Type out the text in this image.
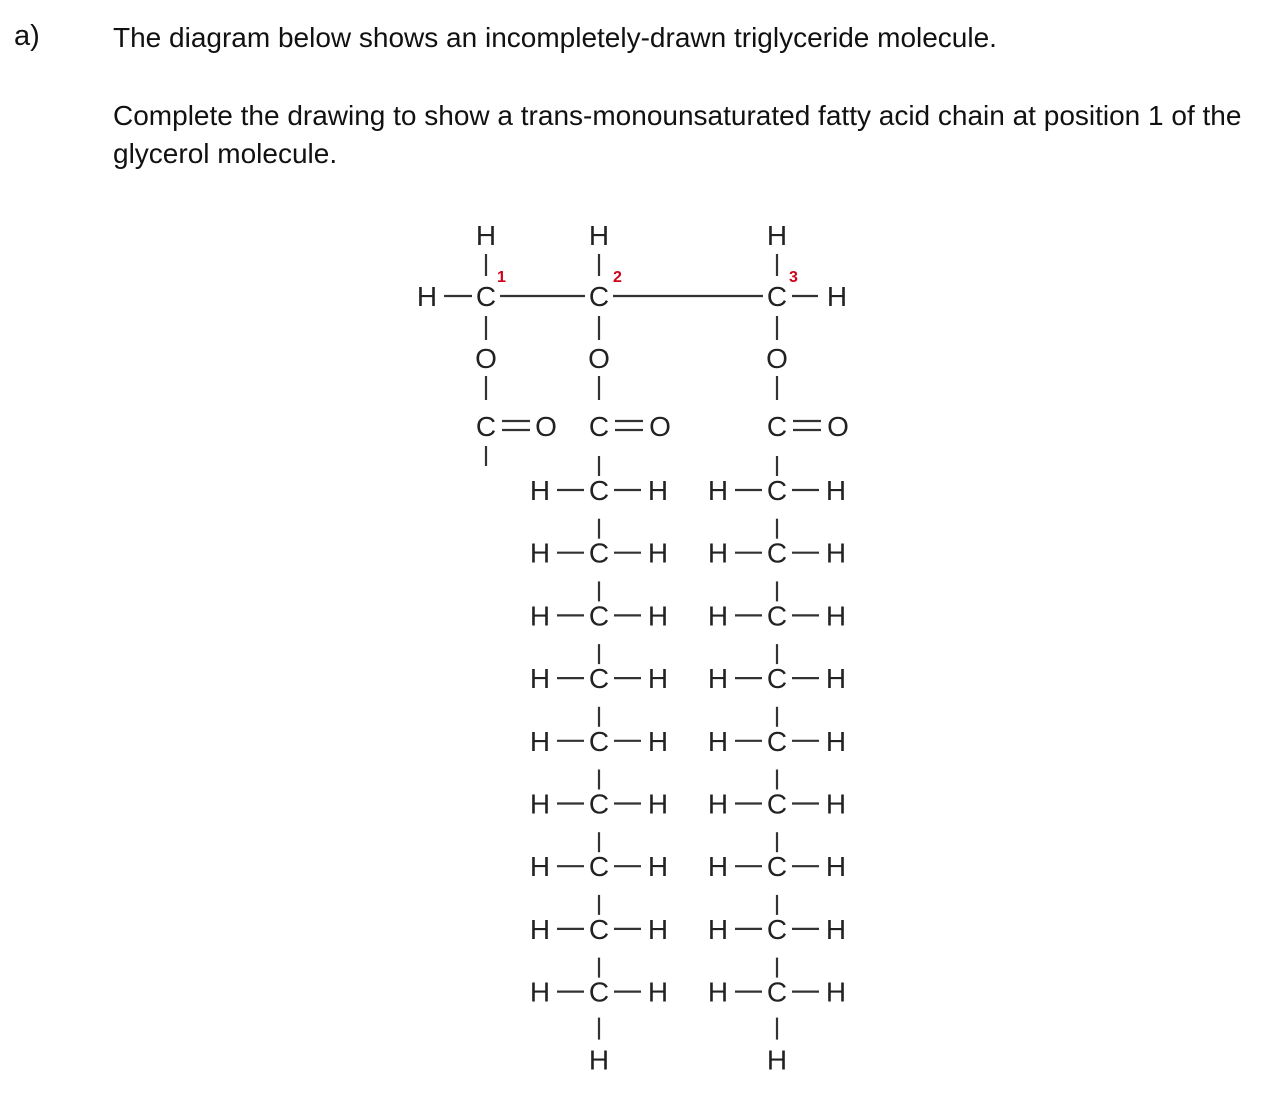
a)	The diagram below shows an incompletely-drawn triglyceride molecule.
Complete the drawing to show a trans-monounsaturated fatty acid chain at position 1 of the glycerol molecule.
H	H	H
H C
1
C
2
C
3
H
O	O	O
C O C O	C O
H C H
H C H
H C H
H C H
H C H
H C H
H C H
H C H
H C H
H
H C H
H C H
H C H
H C H
H C H
H C H
H C H
H C H
H C H
H
